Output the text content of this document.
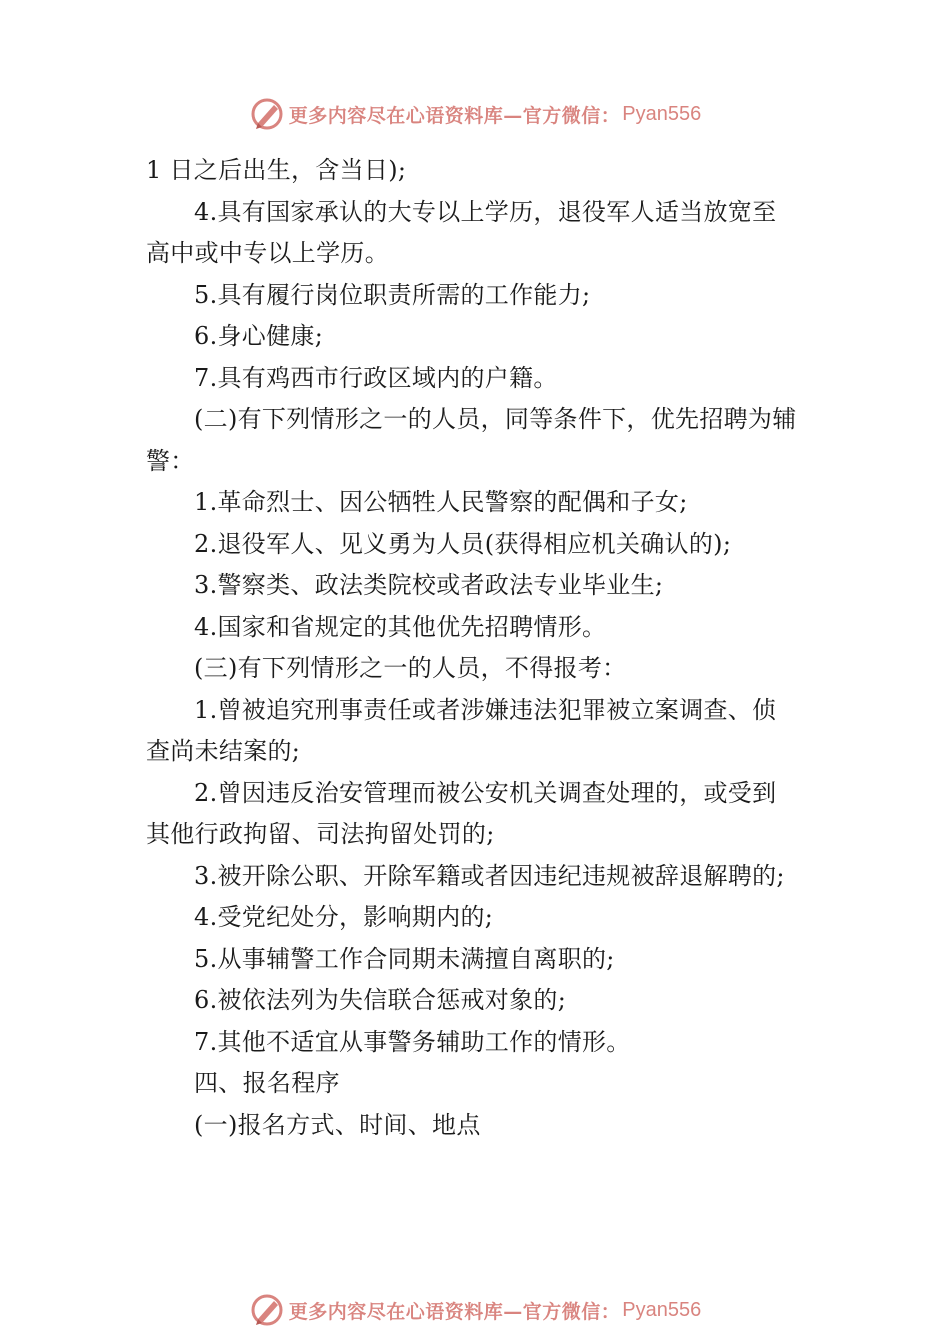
更多内容尽在心语资料库—官方微信： Pyan556
1 日之后出生，含当日);
4.具有国家承认的大专以上学历，退役军人适当放宽至
高中或中专以上学历。
5.具有履行岗位职责所需的工作能力;
6.身心健康;
7.具有鸡西市行政区域内的户籍。
(二)有下列情形之一的人员，同等条件下，优先招聘为辅
警：
1.革命烈士、因公牺牲人民警察的配偶和子女;
2.退役军人、见义勇为人员(获得相应机关确认的);
3.警察类、政法类院校或者政法专业毕业生;
4.国家和省规定的其他优先招聘情形。
(三)有下列情形之一的人员，不得报考：
1.曾被追究刑事责任或者涉嫌违法犯罪被立案调查、侦
查尚未结案的;
2.曾因违反治安管理而被公安机关调查处理的，或受到
其他行政拘留、司法拘留处罚的;
3.被开除公职、开除军籍或者因违纪违规被辞退解聘的;
4.受党纪处分，影响期内的;
5.从事辅警工作合同期未满擅自离职的;
6.被依法列为失信联合惩戒对象的;
7.其他不适宜从事警务辅助工作的情形。
四、报名程序
(一)报名方式、时间、地点
更多内容尽在心语资料库—官方微信： Pyan556
